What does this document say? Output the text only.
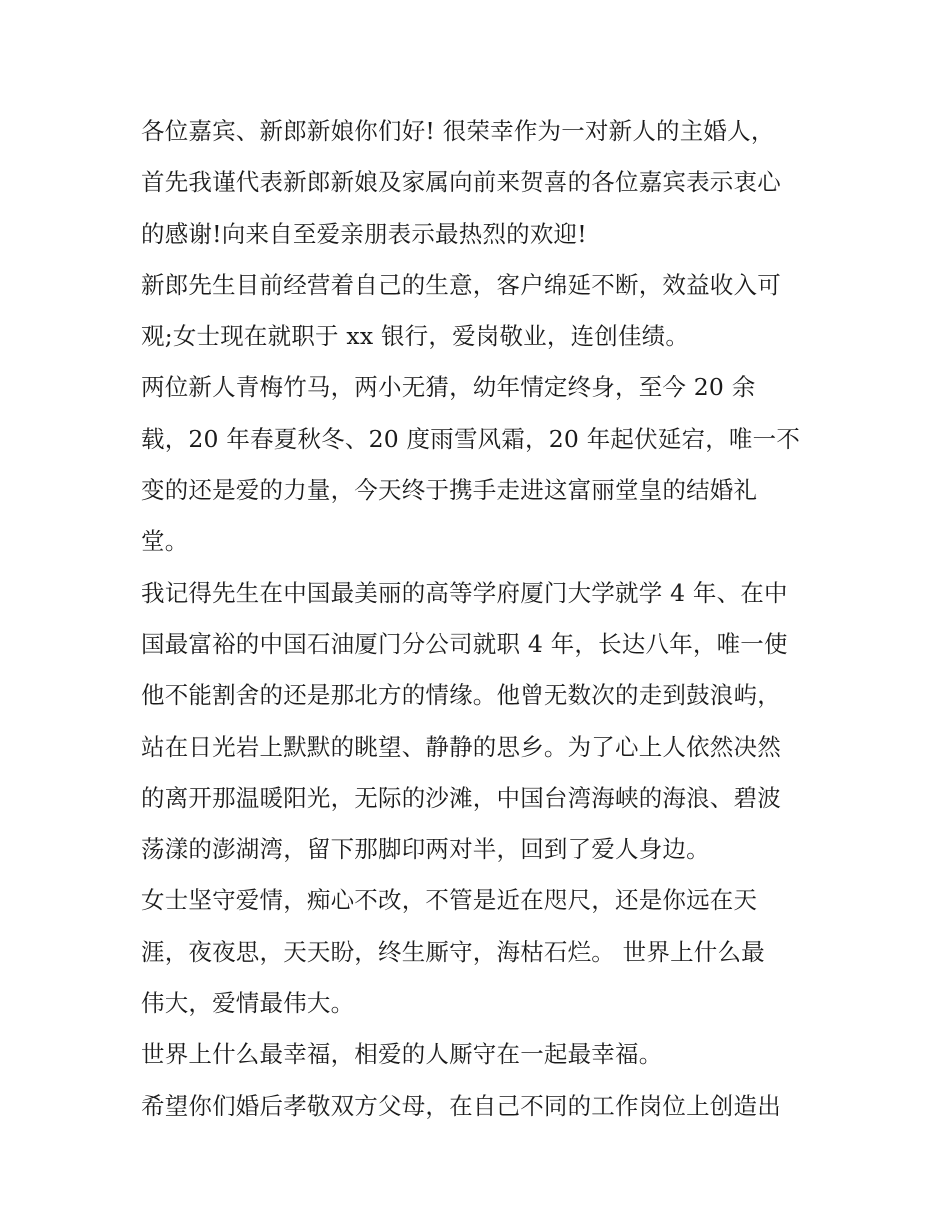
各位嘉宾、新郎新娘你们好! 很荣幸作为一对新人的主婚人，
首先我谨代表新郎新娘及家属向前来贺喜的各位嘉宾表示衷心
的感谢!向来自至爱亲朋表示最热烈的欢迎!
新郎先生目前经营着自己的生意，客户绵延不断，效益收入可
观;女士现在就职于 xx 银行，爱岗敬业，连创佳绩。
两位新人青梅竹马，两小无猜，幼年情定终身，至今 20 余
载，20 年春夏秋冬、20 度雨雪风霜，20 年起伏延宕，唯一不
变的还是爱的力量，今天终于携手走进这富丽堂皇的结婚礼
堂。
我记得先生在中国最美丽的高等学府厦门大学就学 4 年、在中
国最富裕的中国石油厦门分公司就职 4 年，长达八年，唯一使
他不能割舍的还是那北方的情缘。他曾无数次的走到鼓浪屿，
站在日光岩上默默的眺望、静静的思乡。为了心上人依然决然
的离开那温暖阳光，无际的沙滩，中国台湾海峡的海浪、碧波
荡漾的澎湖湾，留下那脚印两对半，回到了爱人身边。
女士坚守爱情，痴心不改，不管是近在咫尺，还是你远在天
涯，夜夜思，天天盼，终生厮守，海枯石烂。 世界上什么最
伟大，爱情最伟大。
世界上什么最幸福，相爱的人厮守在一起最幸福。
希望你们婚后孝敬双方父母，在自己不同的工作岗位上创造出
